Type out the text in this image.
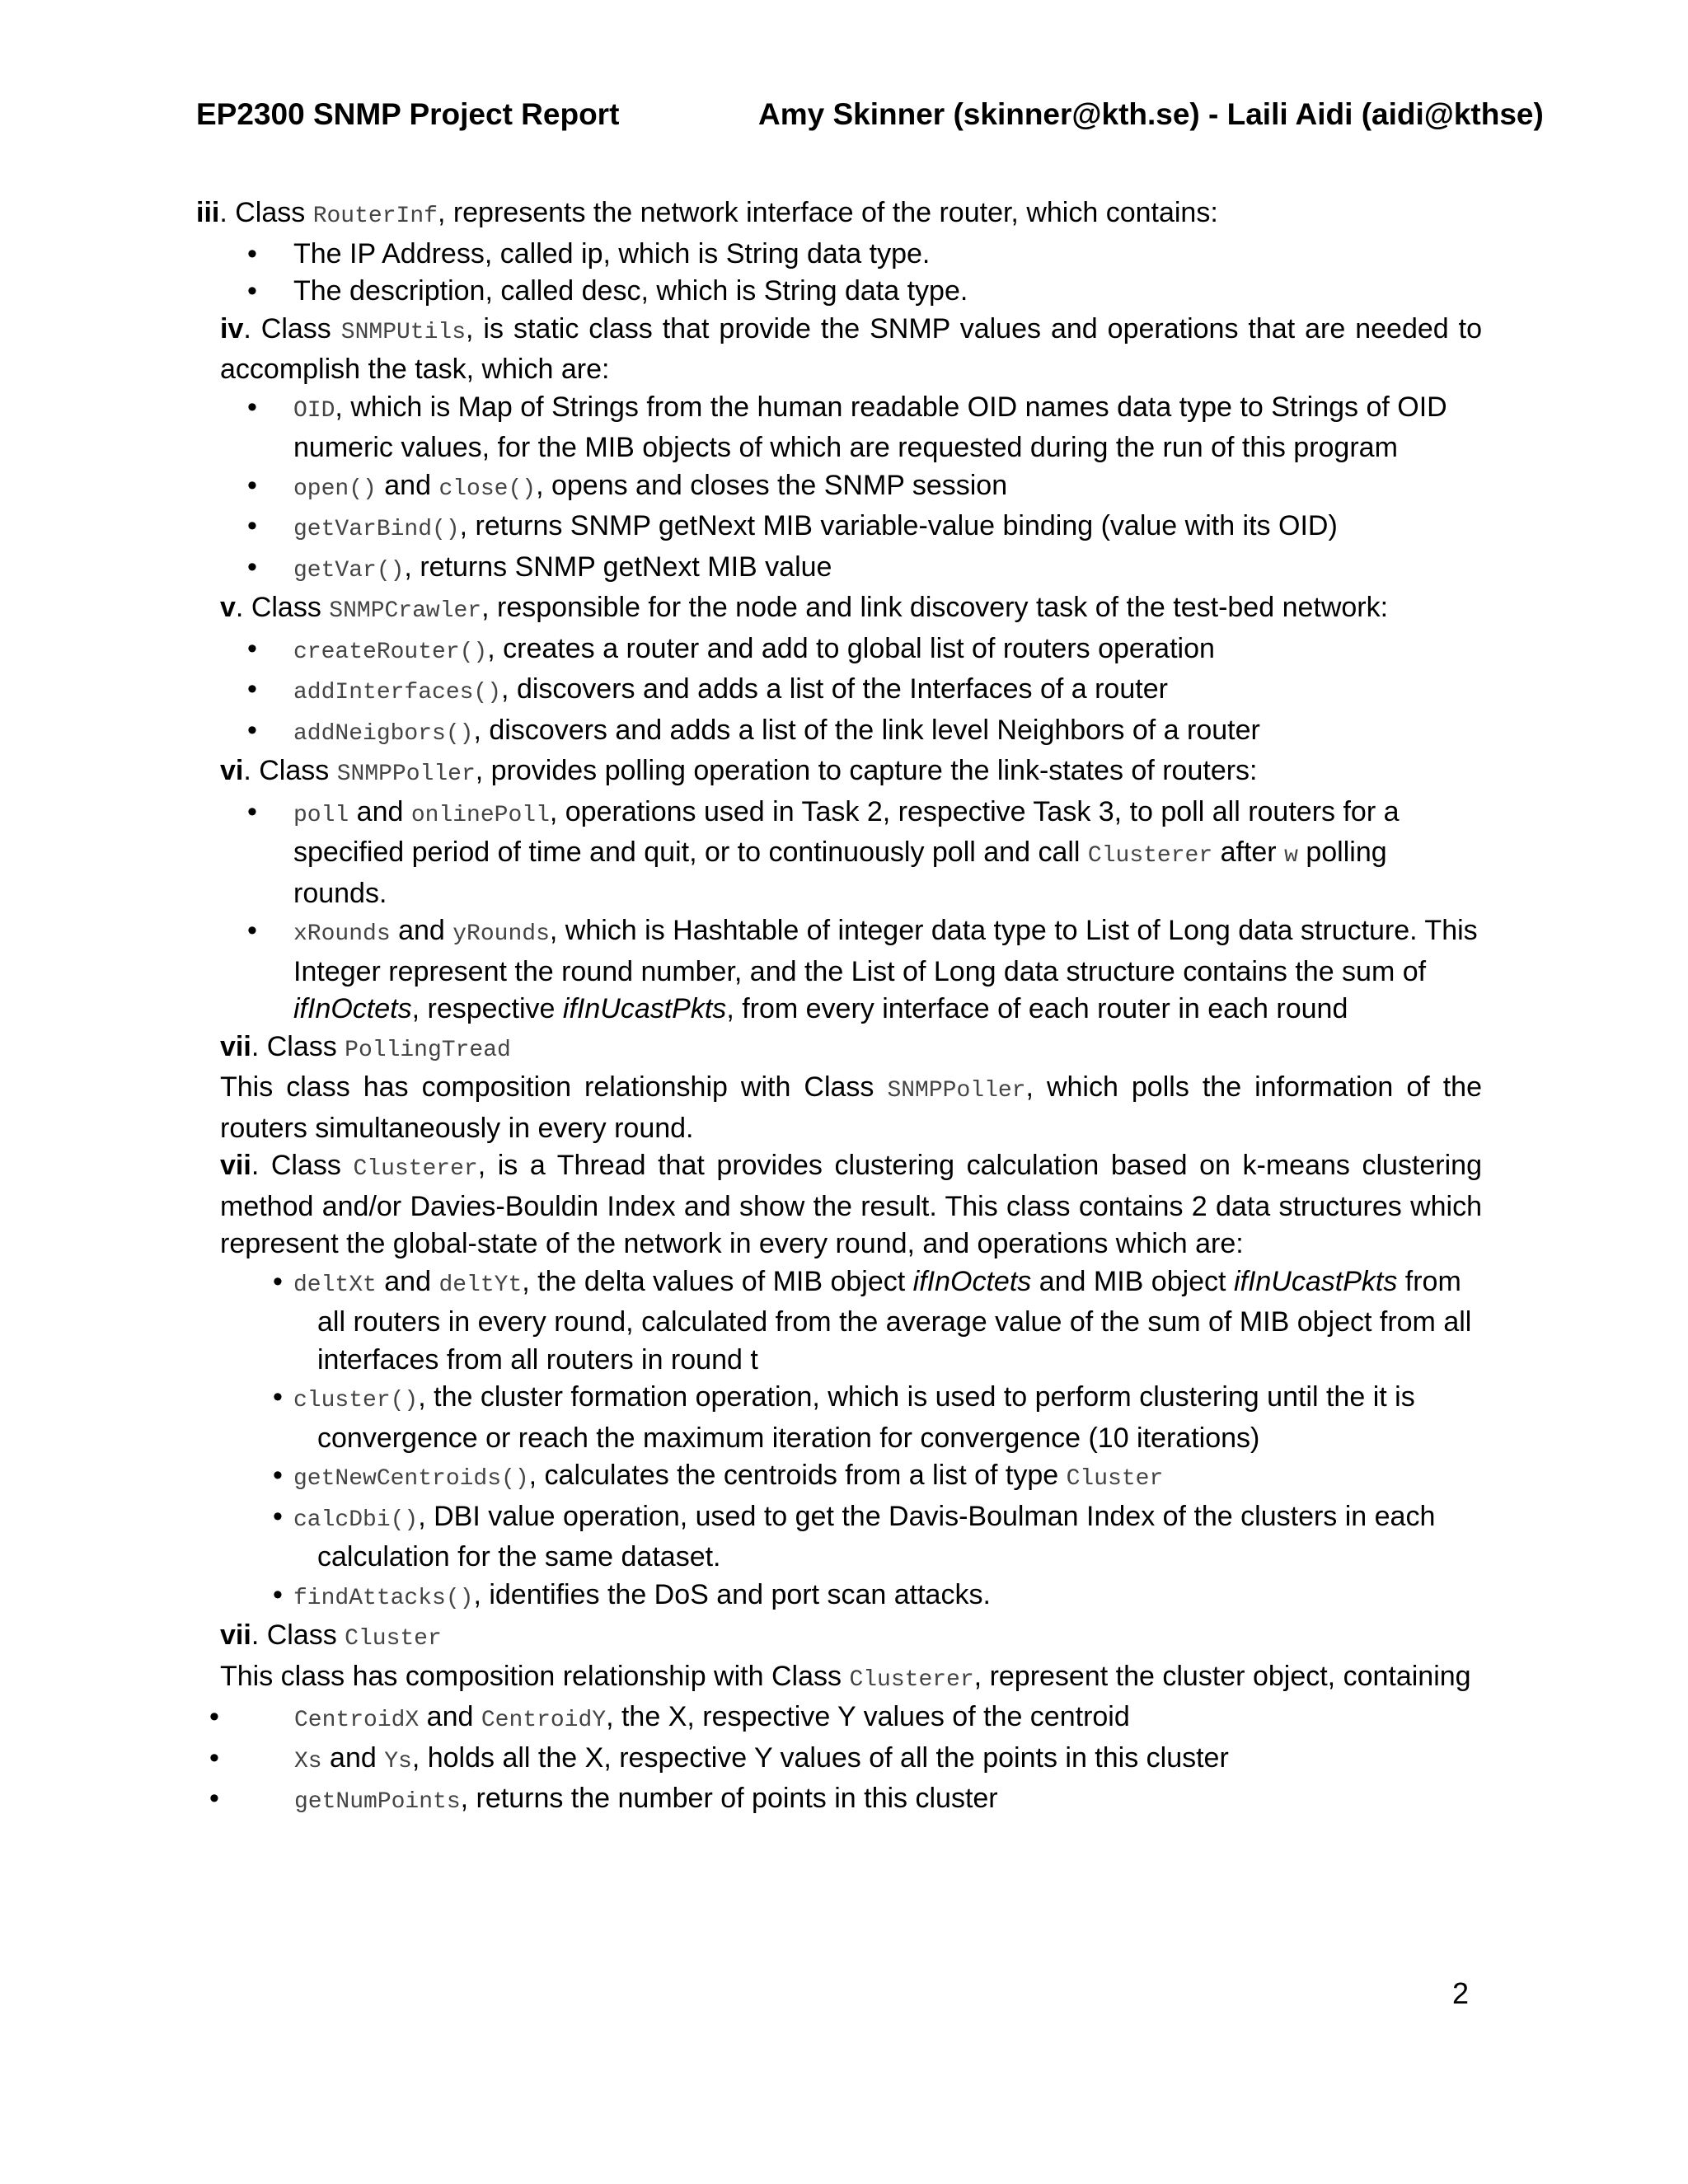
EP2300 SNMP Project Report	Amy Skinner (skinner@kth.se) - Laili Aidi (aidi@kthse)

iii. Class RouterInf, represents the network interface of the router, which contains:

• The IP Address, called ip, which is String data type.
• The description, called desc, which is String data type.

iv. Class SNMPUtils, is static class that provide the SNMP values and operations that are needed to accomplish the task, which are:

• OID, which is Map of Strings from the human readable OID names data type to Strings of OID numeric values, for the MIB objects of which are requested during the run of this program
• open() and close(), opens and closes the SNMP session
• getVarBind(), returns SNMP getNext MIB variable-value binding (value with its OID)
• getVar(), returns SNMP getNext MIB value

v. Class SNMPCrawler, responsible for the node and link discovery task of the test-bed network:

• createRouter(), creates a router and add to global list of routers operation
• addInterfaces(), discovers and adds a list of the Interfaces of a router
• addNeigbors(), discovers and adds a list of the link level Neighbors of a router

vi. Class SNMPPoller, provides polling operation to capture the link-states of routers:

• poll and onlinePoll, operations used in Task 2, respective Task 3, to poll all routers for a specified period of time and quit, or to continuously poll and call Clusterer after w polling rounds.
• xRounds and yRounds, which is Hashtable of integer data type to List of Long data structure. This Integer represent the round number, and the List of Long data structure contains the sum of ifInOctets, respective ifInUcastPkts, from every interface of each router in each round

vii. Class PollingTread

This class has composition relationship with Class SNMPPoller, which polls the information of the routers simultaneously in every round.

vii. Class Clusterer, is a Thread that provides clustering calculation based on k-means clustering method and/or Davies-Bouldin Index and show the result. This class contains 2 data structures which represent the global-state of the network in every round, and operations which are:

• deltXt and deltYt, the delta values of MIB object ifInOctets and MIB object ifInUcastPkts from all routers in every round, calculated from the average value of the sum of MIB object from all interfaces from all routers in round t
• cluster(), the cluster formation operation, which is used to perform clustering until the it is convergence or reach the maximum iteration for convergence (10 iterations)
• getNewCentroids(), calculates the centroids from a list of type Cluster
• calcDbi(), DBI value operation, used to get the Davis-Boulman Index of the clusters in each calculation for the same dataset.
• findAttacks(), identifies the DoS and port scan attacks.

vii. Class Cluster

This class has composition relationship with Class Clusterer, represent the cluster object, containing

• CentroidX and CentroidY, the X, respective Y values of the centroid
• Xs and Ys, holds all the X, respective Y values of all the points in this cluster
• getNumPoints, returns the number of points in this cluster
2
